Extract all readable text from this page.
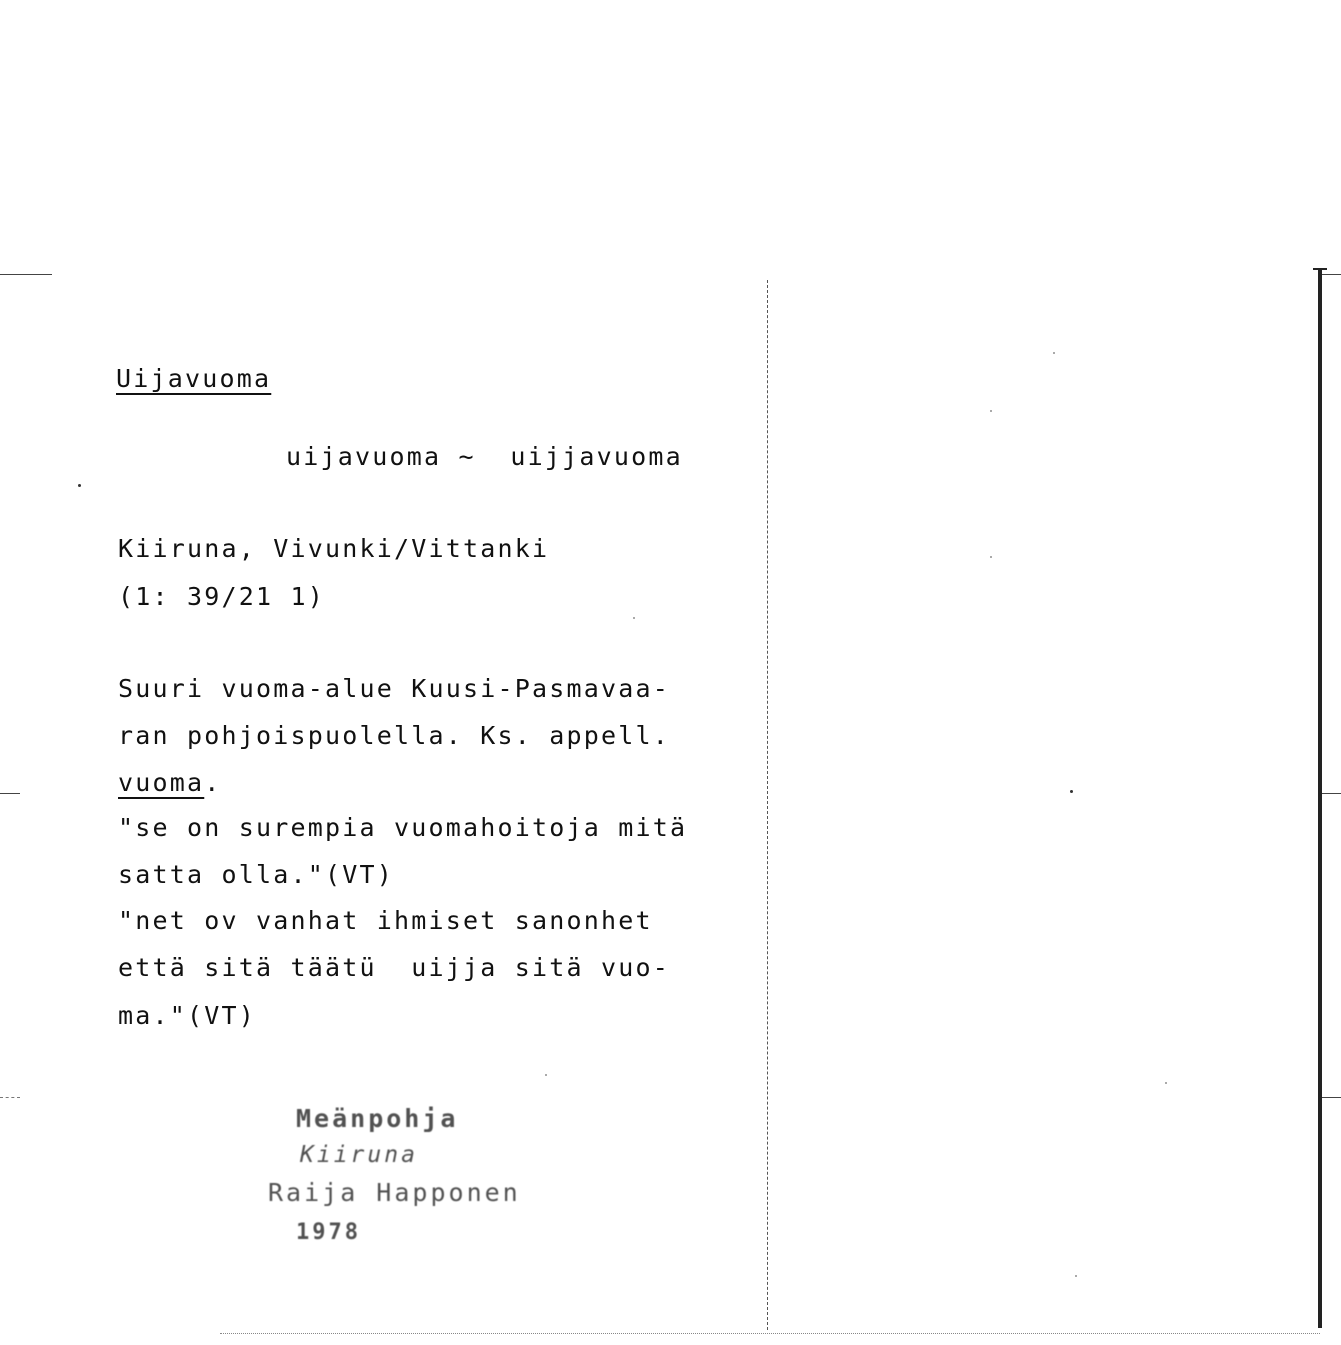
Uijavuoma
uijavuoma ~ uijjavuoma
Kiiruna, Vivunki/Vittanki
(1: 39/21 1)
Suuri vuoma-alue Kuusi-Pasmavaa-
ran pohjoispuolella. Ks. appell.
vuoma.
"se on surempia vuomahoitoja mitä
satta olla."(VT)
"net ov vanhat ihmiset sanonhet
että sitä täätü  uijja sitä vuo-
ma."(VT)
Meänpohja
Kiiruna
Raija Happonen
1978
